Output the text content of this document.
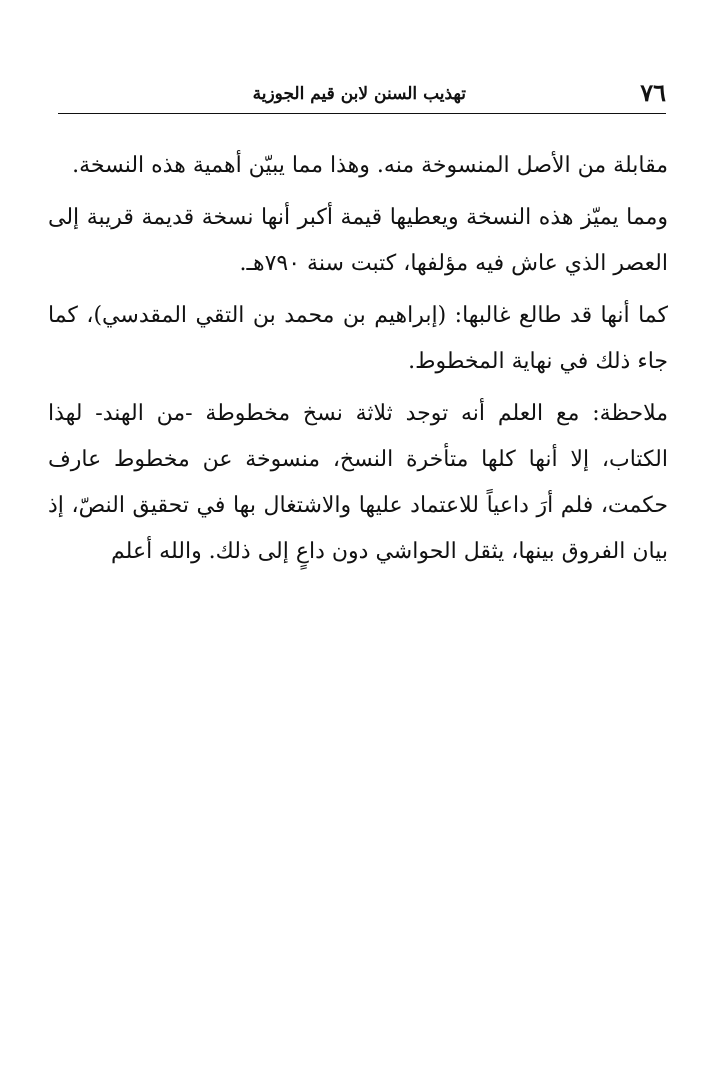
٧٦
تهذيب السنن لابن قيم الجوزية

مقابلة من الأصل المنسوخة منه. وهذا مما يبيّن أهمية هذه النسخة.

ومما يميّز هذه النسخة ويعطيها قيمة أكبر أنها نسخة قديمة قريبة إلى العصر الذي عاش فيه مؤلفها، كتبت سنة ٧٩٠هـ.

كما أنها قد طالع غالبها: (إبراهيم بن محمد بن التقي المقدسي)، كما جاء ذلك في نهاية المخطوط.

ملاحظة: مع العلم أنه توجد ثلاثة نسخ مخطوطة -من الهند- لهذا الكتاب، إلا أنها كلها متأخرة النسخ، منسوخة عن مخطوط عارف حكمت، فلم أرَ داعياً للاعتماد عليها والاشتغال بها في تحقيق النصّ، إذ بيان الفروق بينها، يثقل الحواشي دون داعٍ إلى ذلك. والله أعلم
